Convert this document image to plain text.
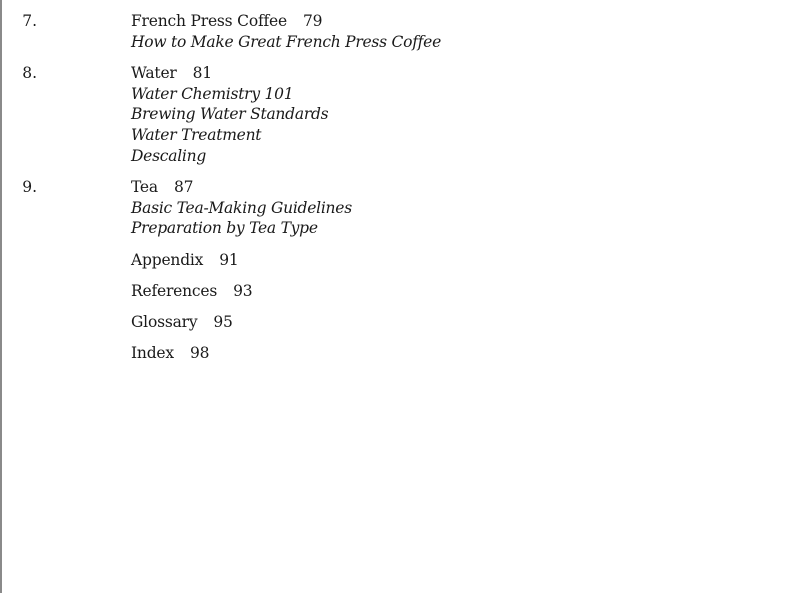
7.	French Press Coffee 79
How to Make Great French Press Coffee
8.	Water 81
Water Chemistry 101
Brewing Water Standards
Water Treatment
Descaling
9.	Tea 87
Basic Tea-Making Guidelines
Preparation by Tea Type
Appendix 91
References 93
Glossary 95
Index 98
